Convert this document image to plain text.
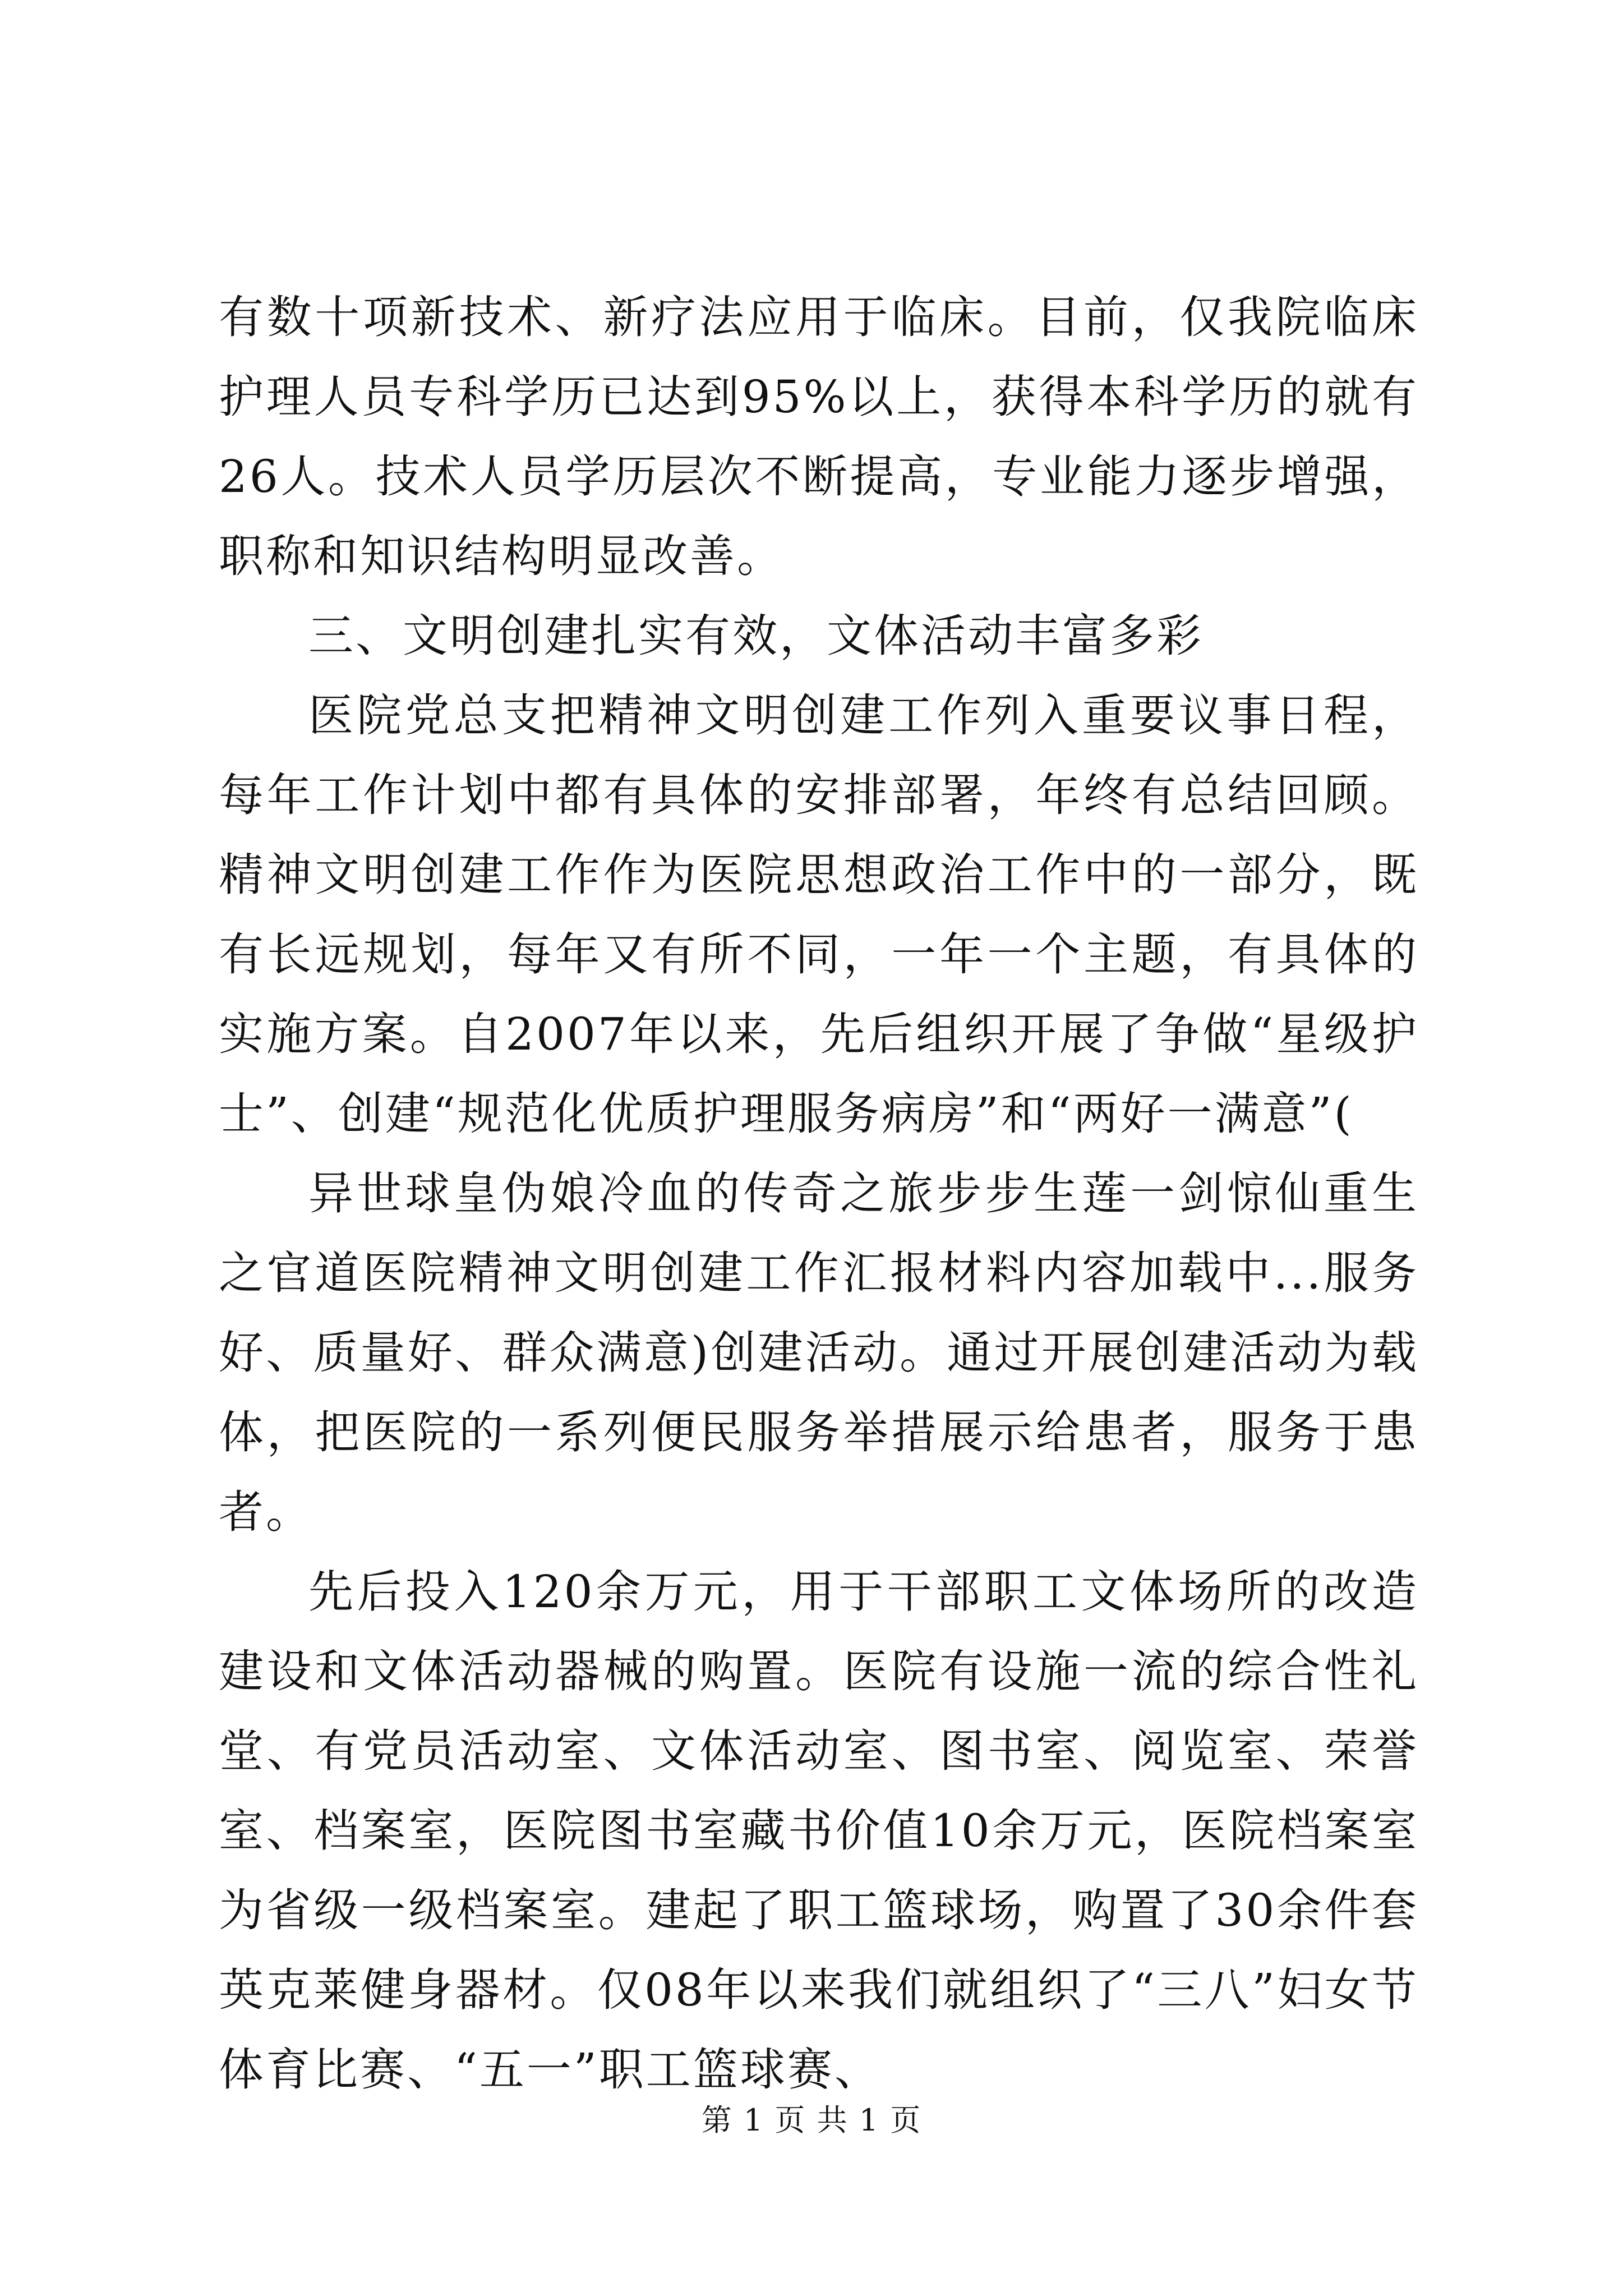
有数十项新技术、新疗法应用于临床。目前，仅我院临床护理人员专科学历已达到95%以上，获得本科学历的就有26人。技术人员学历层次不断提高，专业能力逐步增强，职称和知识结构明显改善。

三、文明创建扎实有效，文体活动丰富多彩

医院党总支把精神文明创建工作列入重要议事日程，每年工作计划中都有具体的安排部署，年终有总结回顾。精神文明创建工作作为医院思想政治工作中的一部分，既有长远规划，每年又有所不同，一年一个主题，有具体的实施方案。自2007年以来，先后组织开展了争做“星级护士”、创建“规范化优质护理服务病房”和“两好一满意”(

异世球皇伪娘冷血的传奇之旅步步生莲一剑惊仙重生之官道医院精神文明创建工作汇报材料内容加载中...服务好、质量好、群众满意)创建活动。通过开展创建活动为载体，把医院的一系列便民服务举措展示给患者，服务于患者。

先后投入120余万元，用于干部职工文体场所的改造建设和文体活动器械的购置。医院有设施一流的综合性礼堂、有党员活动室、文体活动室、图书室、阅览室、荣誉室、档案室，医院图书室藏书价值10余万元，医院档案室为省级一级档案室。建起了职工篮球场，购置了30余件套英克莱健身器材。仅08年以来我们就组织了“三八”妇女节体育比赛、“五一”职工篮球赛、

第 1 页 共 1 页
